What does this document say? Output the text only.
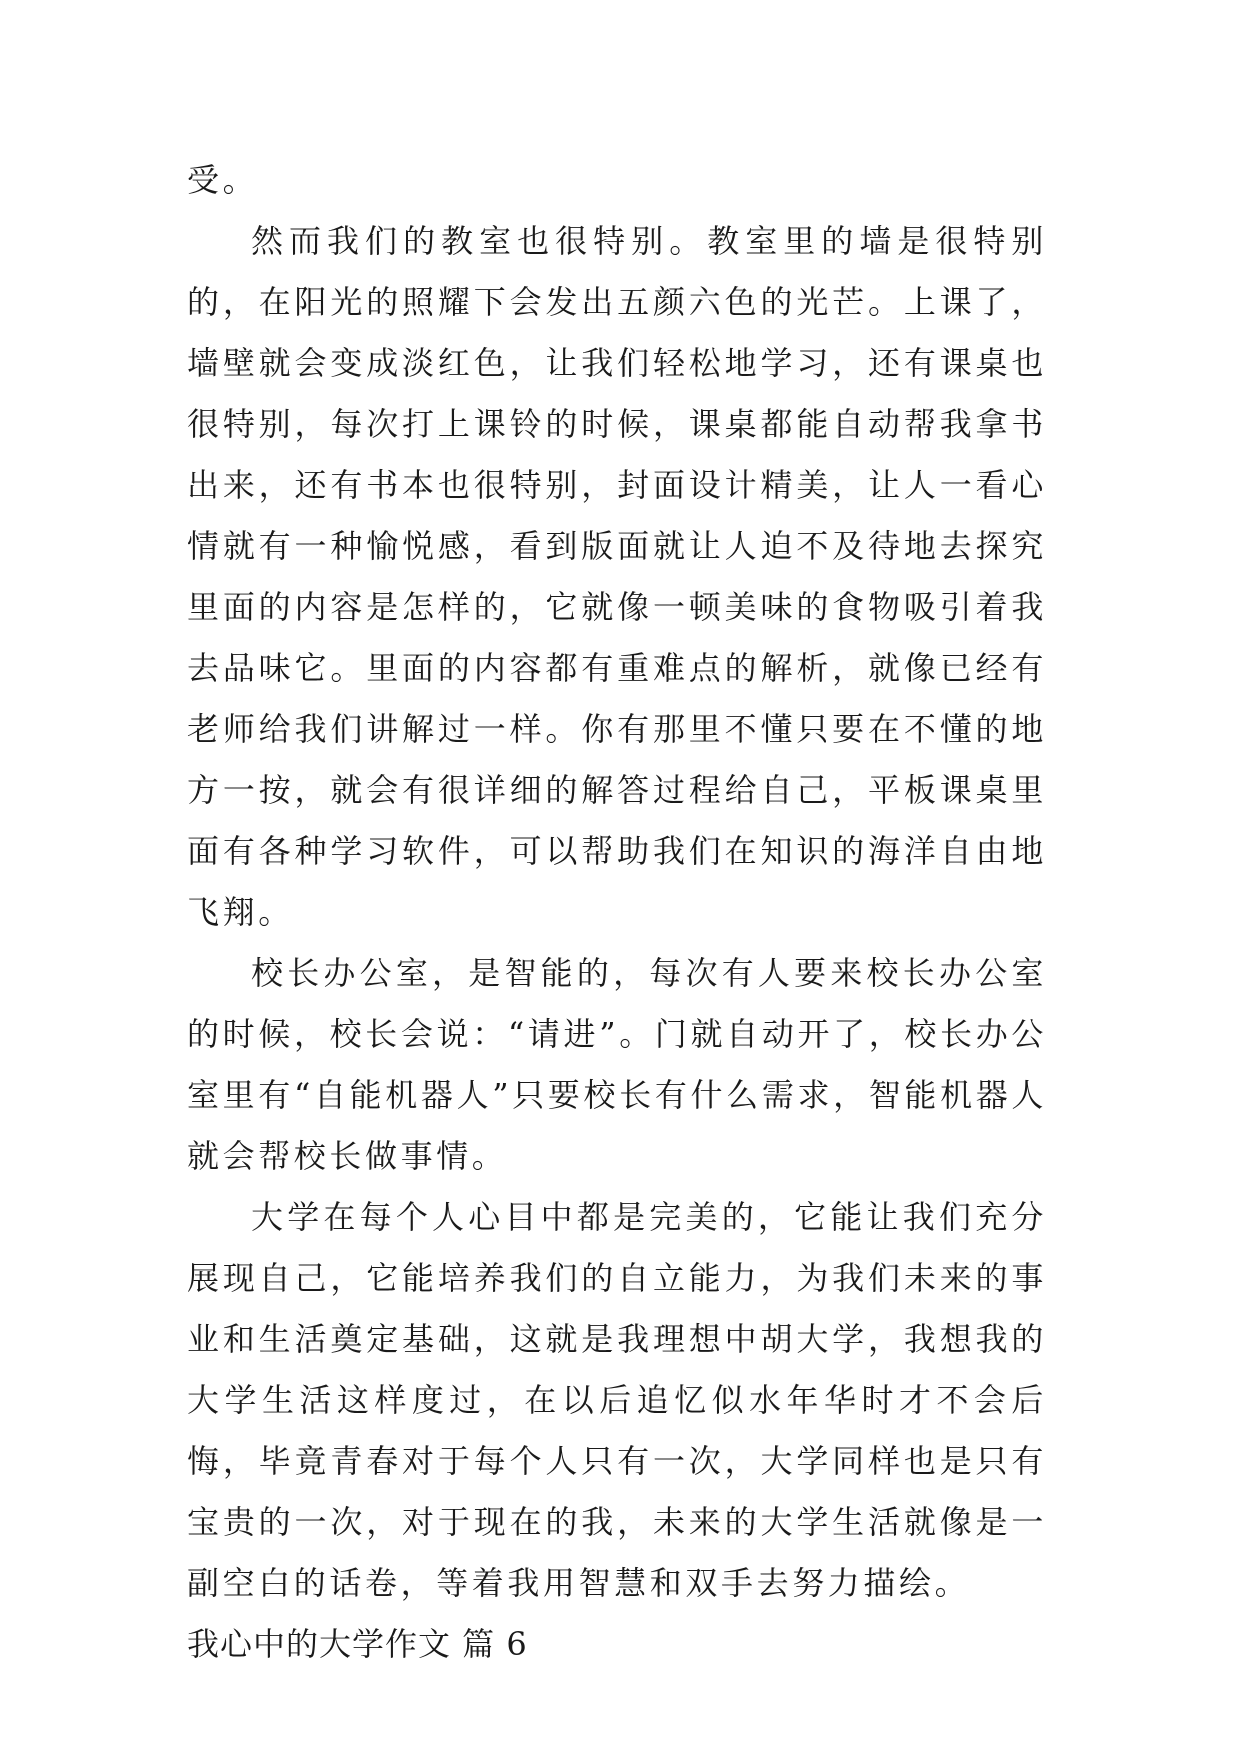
受。

然而我们的教室也很特别。教室里的墙是很特别的，在阳光的照耀下会发出五颜六色的光芒。上课了，墙壁就会变成淡红色，让我们轻松地学习，还有课桌也很特别，每次打上课铃的时候，课桌都能自动帮我拿书出来，还有书本也很特别，封面设计精美，让人一看心情就有一种愉悦感，看到版面就让人迫不及待地去探究里面的内容是怎样的，它就像一顿美味的食物吸引着我去品味它。里面的内容都有重难点的解析，就像已经有老师给我们讲解过一样。你有那里不懂只要在不懂的地方一按，就会有很详细的解答过程给自己，平板课桌里面有各种学习软件，可以帮助我们在知识的海洋自由地飞翔。

校长办公室，是智能的，每次有人要来校长办公室的时候，校长会说：“请进”。门就自动开了，校长办公室里有“自能机器人”只要校长有什么需求，智能机器人就会帮校长做事情。

大学在每个人心目中都是完美的，它能让我们充分展现自己，它能培养我们的自立能力，为我们未来的事业和生活奠定基础，这就是我理想中胡大学，我想我的大学生活这样度过，在以后追忆似水年华时才不会后悔，毕竟青春对于每个人只有一次，大学同样也是只有宝贵的一次，对于现在的我，未来的大学生活就像是一副空白的话卷，等着我用智慧和双手去努力描绘。

我心中的大学作文 篇 6
